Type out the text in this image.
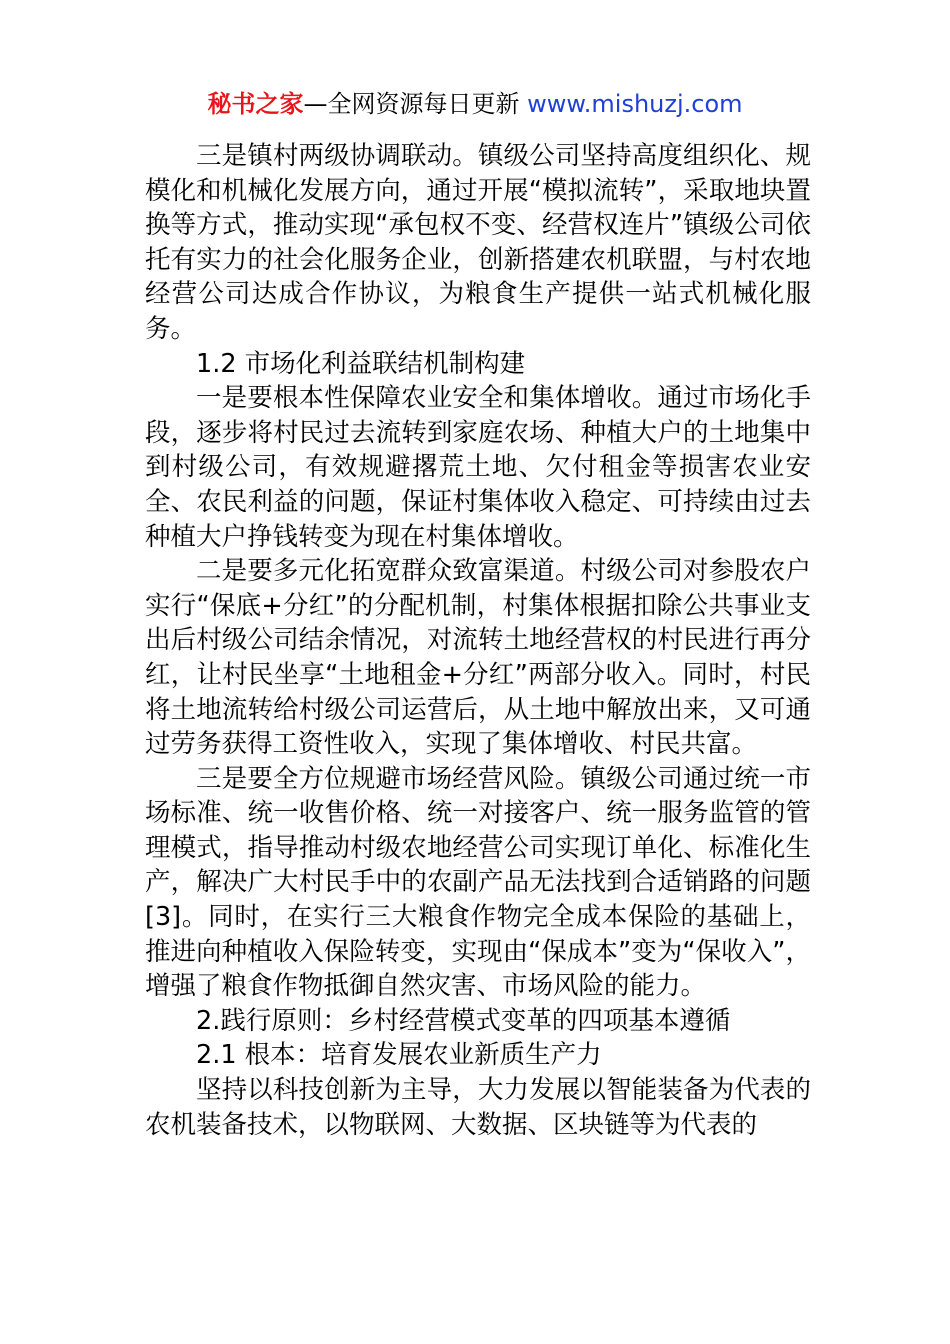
秘书之家—全网资源每日更新 www.mishuzj.com

三是镇村两级协调联动。镇级公司坚持高度组织化、规模化和机械化发展方向，通过开展“模拟流转”，采取地块置换等方式，推动实现“承包权不变、经营权连片”镇级公司依托有实力的社会化服务企业，创新搭建农机联盟，与村农地经营公司达成合作协议，为粮食生产提供一站式机械化服务。

1.2 市场化利益联结机制构建

一是要根本性保障农业安全和集体增收。通过市场化手段，逐步将村民过去流转到家庭农场、种植大户的土地集中到村级公司，有效规避撂荒土地、欠付租金等损害农业安全、农民利益的问题，保证村集体收入稳定、可持续由过去种植大户挣钱转变为现在村集体增收。

二是要多元化拓宽群众致富渠道。村级公司对参股农户实行“保底+分红”的分配机制，村集体根据扣除公共事业支出后村级公司结余情况，对流转土地经营权的村民进行再分红，让村民坐享“土地租金+分红”两部分收入。同时，村民将土地流转给村级公司运营后，从土地中解放出来，又可通过劳务获得工资性收入，实现了集体增收、村民共富。

三是要全方位规避市场经营风险。镇级公司通过统一市场标准、统一收售价格、统一对接客户、统一服务监管的管理模式，指导推动村级农地经营公司实现订单化、标准化生产，解决广大村民手中的农副产品无法找到合适销路的问题[3]。同时，在实行三大粮食作物完全成本保险的基础上，推进向种植收入保险转变，实现由“保成本”变为“保收入”，增强了粮食作物抵御自然灾害、市场风险的能力。

2.践行原则：乡村经营模式变革的四项基本遵循

2.1 根本：培育发展农业新质生产力

坚持以科技创新为主导，大力发展以智能装备为代表的农机装备技术，以物联网、大数据、区块链等为代表的
